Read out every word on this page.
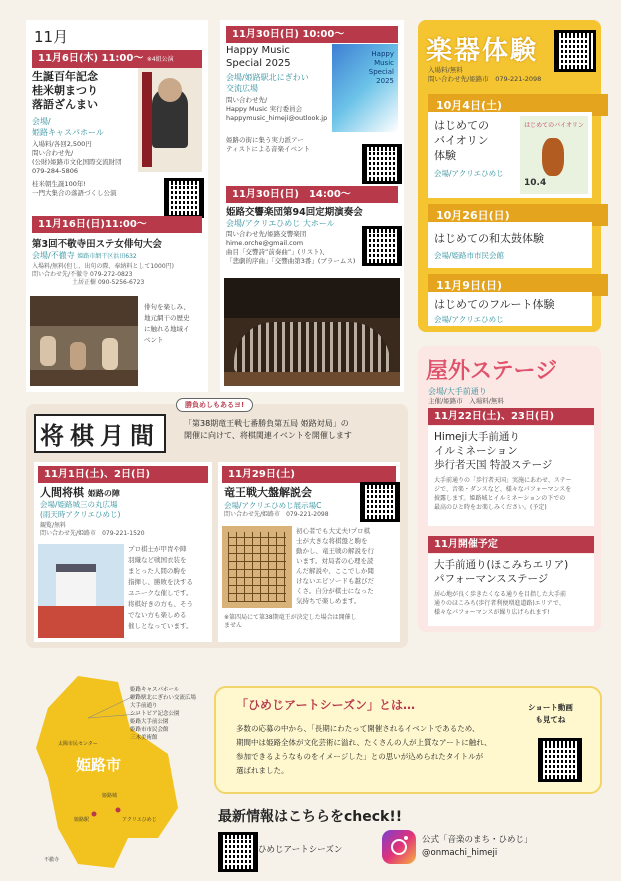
11月
11月6日(木) 11:00～ ※4組公演
生誕百年記念
桂米朝まつり
落語ざんまい
会場/
姫路キャスパホール
入場料/各回2,500円
問い合わせ先/
(公財)姫路市文化国際交流財団
079-284-5806
桂米朝生誕100年!
一門大集合の落語づくし公演
11月16日(日)11:00～
第3回不敬寺田ステ女俳句大会
会場/不徹寺 姫路市網干区浜田632
入場料/無料(但し、出句の際、奉納料として1000円)
問い合わせ先/不徹寺 079-272-0823
土居正樹 090-5256-6723
俳句を楽しみ、
地元網干の歴史
に触れる地域イ
ベント
11月30日(日) 10:00～
Happy Music
Special 2025
会場/姫路駅北にぎわい
交流広場
問い合わせ先/
Happy Music 実行委員会
happymusic_himeji@outlook.jp
Happy
Music
Special
2025
姫路の街に集う実力派アー
ティストによる音楽イベント
11月30日(日)　14:00～
姫路交響楽団第94回定期演奏会
会場/アクリエひめじ 大ホール
問い合わせ先/姫路交響楽団
hime.orche@gmail.com
曲目「交響詩”前奏曲”」(リスト)、
「悲劇的序曲」「交響曲第3番」(ブラームス)
楽器体験
入場料/無料
問い合わせ先/姫路市　 079-221-2098
10月4日(土)
はじめての
バイオリン
体験
会場/アクリエひめじ
はじめてのバイオリン
10.4
10月26日(日)
はじめての和太鼓体験
会場/姫路市市民会館
11月9日(日)
はじめてのフルート体験
会場/アクリエひめじ
屋外ステージ
会場/大手前通り
主催/姫路市　 入場料/無料
11月22日(土)、23日(日)
Himeji大手前通り
イルミネーション
歩行者天国 特設ステージ
大手前通りの「歩行者天国」実施にあわせ、ステー
ジで、音楽・ダンスなど、様々なパフォーマンスを
披露します。姫路城とイルミネーションの下での
最高のひと時をお楽しみください。(予定)
11月開催予定
大手前通り(ほこみちエリア)
パフォーマンスステージ
居心地が良く歩きたくなる通りを目指した大手前
通りのほこみち(歩行者利便増進道路)エリアで、
様々なパフォーマンスが繰り広げられます!
将棋月間
勝負めしもあるヨ!
「第38期竜王戦七番勝負第五局 姫路対局」の
開催に向けて、将棋関連イベントを開催します
11月1日(土)、2日(日)
人間将棋 姫路の陣
会場/姫路城三の丸広場
(雨天時アクリエひめじ)
観覧/無料
問い合わせ先/姫路市　 079-221-1520
プロ棋士が甲冑や陣
羽織など戦国衣装を
まとった人間の駒を
指揮し、勝敗を決する
ユニークな催しです。
将棋好きの方も、そう
でない方も楽しめる
催しとなっています。
11月29日(土)
竜王戦大盤解説会
会場/アクリエひめじ展示場C
問い合わせ先/姫路市　 079-221-2098
初心者でも大丈夫!プロ棋
士が大きな将棋盤と駒を
動かし、竜王戦の解説を行
います。対局者の心理を読
んだ解説や、ここでしか聞
けないエピソードも越びだ
くさ。自分が棋士になった
気持ちで楽しめます。
※第四局にて第38期竜王が決定した場合は開催し
ません
姫路市
姫路キャスパホール
姫路駅北にぎわい交流広場
大手前通り
シロトピア記念公園
姫路大手前公園
姫路市市民会館
三木美術館
太陽市民センター
姫路城
姫路駅	アクリエひめじ
不徹寺
「ひめじアートシーズン」とは…
多数の応募の中から、「長期にわたって開催されるイベントであるため、
期間中は姫路全体が文化芸術に溢れ、たくさんの人が上質なアートに触れ、
参加できるようなものをイメージした」との思いが込められたタイトルが
選ばれました。
ショート動画
も見てね
最新情報はこちらをcheck!!
ひめじアートシーズン
公式「音楽のまち・ひめじ」
@onmachi_himeji
